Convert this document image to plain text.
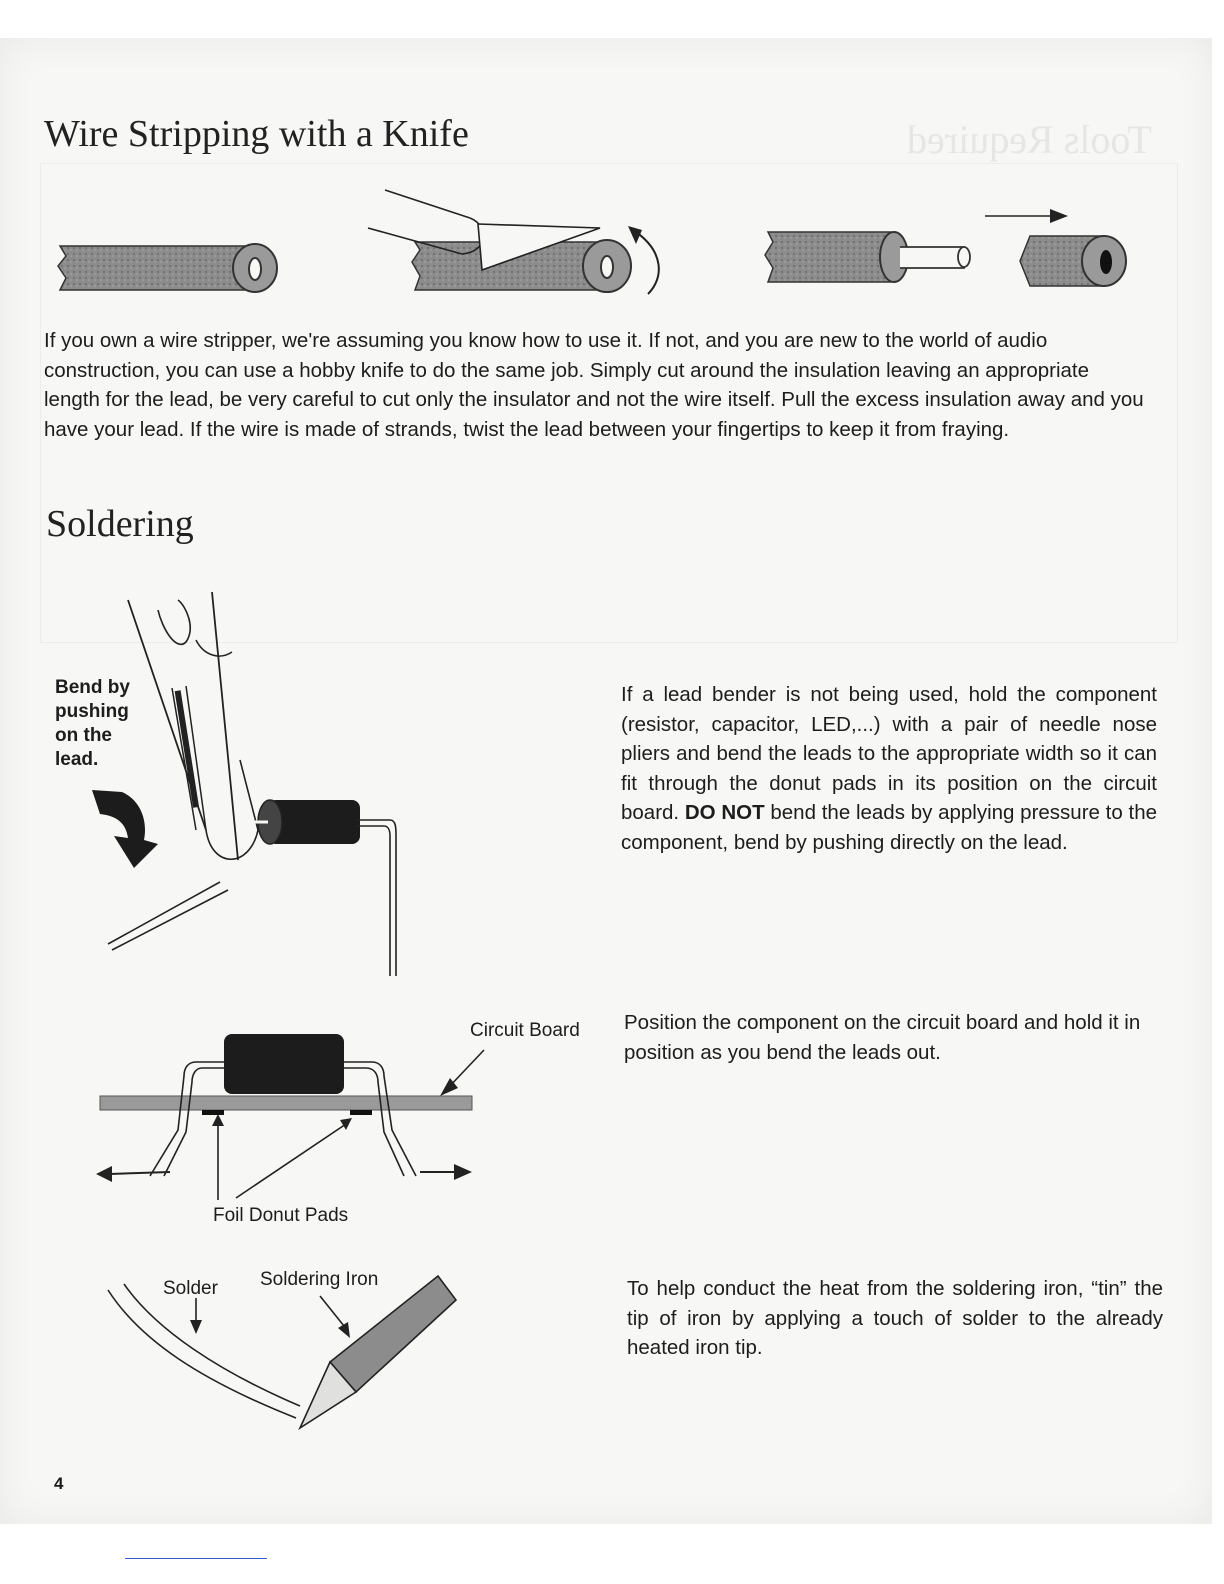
Tools Required
Wire Stripping with a Knife

If you own a wire stripper, we're assuming you know how to use it. If not, and you are new to the world of audio construction, you can use a hobby knife to do the same job. Simply cut around the insulation leaving an appropriate length for the lead, be very careful to cut only the insulator and not the wire itself. Pull the excess insulation away and you have your lead. If the wire is made of strands, twist the lead between your fingertips to keep it from fraying.

Soldering

Bend by pushing on the lead.

If a lead bender is not being used, hold the component (resistor, capacitor, LED,...) with a pair of needle nose pliers and bend the leads to the appropriate width so it can fit through the donut pads in its position on the circuit board. DO NOT bend the leads by applying pressure to the component, bend by pushing directly on the lead.

Circuit Board

Foil Donut Pads

Position the component on the circuit board and hold it in position as you bend the leads out.

Solder Soldering Iron	To help conduct the heat from the soldering iron, “tin” the tip of iron by applying a touch of solder to the already heated iron tip.

4
